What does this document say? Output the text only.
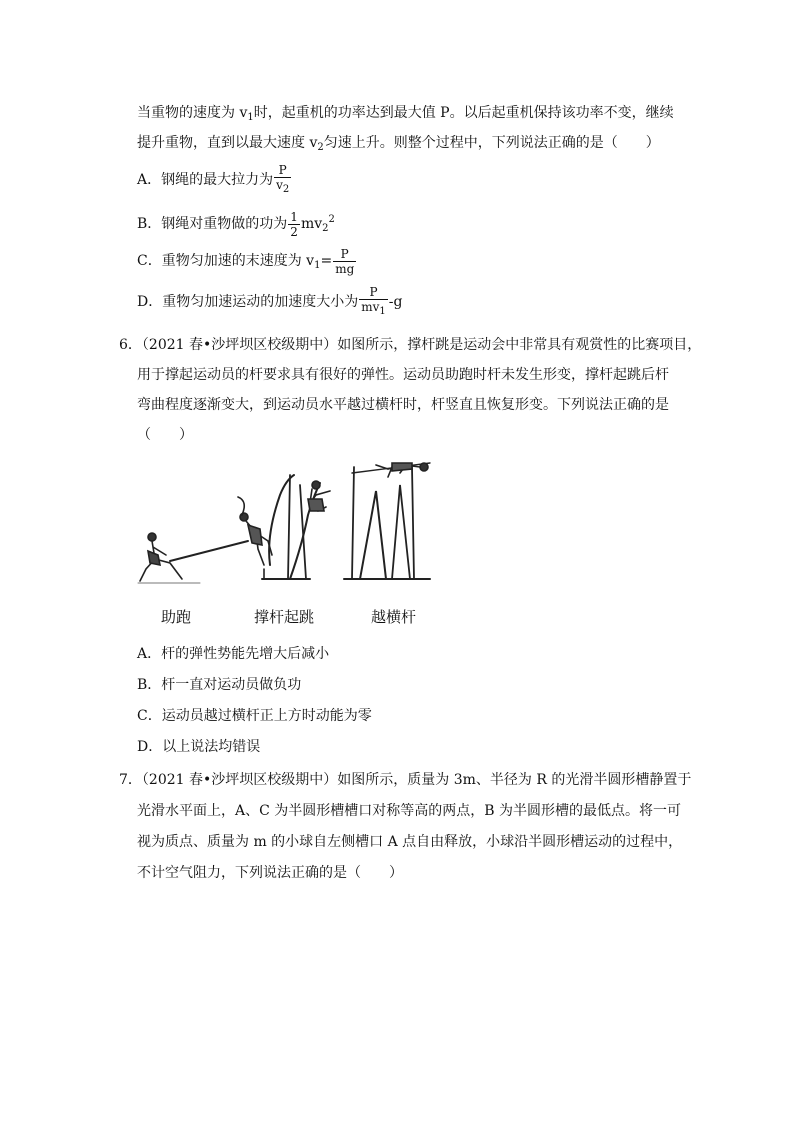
当重物的速度为 $v_1$时，起重机的功率达到最大值 P。以后起重机保持该功率不变，继续
提升重物，直到以最大速度 $v_2$匀速上升。则整个过程中，下列说法正确的是（　　）
A．钢绳的最大拉力为 $\frac{P}{v_2}$
B．钢绳对重物做的功为 $\frac{1}{2} mv_2^2$
C．重物匀加速的末速度为 $v_1= \frac{P}{mg}$
D．重物匀加速运动的加速度大小为 $\frac{P}{mv_1} -g$
6．（2021 春•沙坪坝区校级期中）如图所示，撑杆跳是运动会中非常具有观赏性的比赛项目，
用于撑起运动员的杆要求具有很好的弹性。运动员助跑时杆未发生形变，撑杆起跳后杆
弯曲程度逐渐变大，到运动员水平越过横杆时，杆竖直且恢复形变。下列说法正确的是
（　　）
助跑	撑杆起跳	越横杆
A．杆的弹性势能先增大后减小
B．杆一直对运动员做负功
C．运动员越过横杆正上方时动能为零
D．以上说法均错误
7．（2021 春•沙坪坝区校级期中）如图所示，质量为 3m、半径为 R 的光滑半圆形槽静置于
光滑水平面上，A、C 为半圆形槽槽口对称等高的两点，B 为半圆形槽的最低点。将一可
视为质点、质量为 m 的小球自左侧槽口 A 点自由释放，小球沿半圆形槽运动的过程中，
不计空气阻力，下列说法正确的是（　　）
